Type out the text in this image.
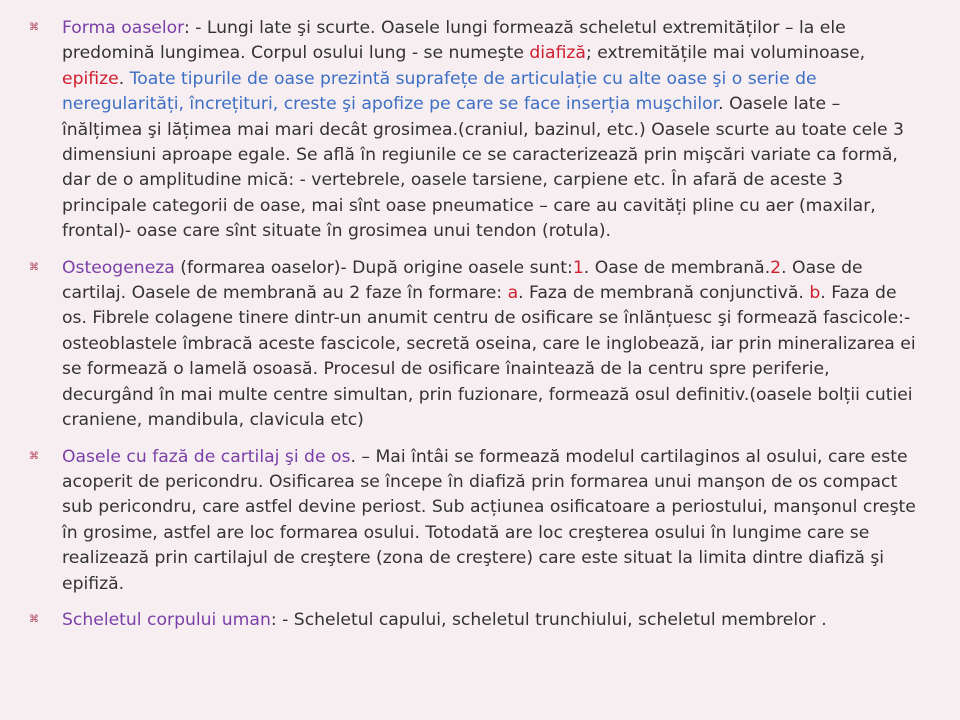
⌘ Forma oaselor: - Lungi late şi scurte. Oasele lungi formează scheletul extremităților – la ele predomină lungimea. Corpul osului lung - se numeşte diafiză; extremitățile mai voluminoase, epifize. Toate tipurile de oase prezintă suprafețe de articulație cu alte oase şi o serie de neregularități, încrețituri, creste şi apofize pe care se face inserția muşchilor. Oasele late – înălțimea şi lățimea mai mari decât grosimea.(craniul, bazinul, etc.) Oasele scurte au toate cele 3 dimensiuni aproape egale. Se află în regiunile ce se caracterizează prin mişcări variate ca formă, dar de o amplitudine mică: - vertebrele, oasele tarsiene, carpiene etc. În afară de aceste 3 principale categorii de oase, mai sînt oase pneumatice – care au cavități pline cu aer (maxilar, frontal)- oase care sînt situate în grosimea unui tendon (rotula).
⌘ Osteogeneza (formarea oaselor)- După origine oasele sunt:1. Oase de membrană.2. Oase de cartilaj. Oasele de membrană au 2 faze în formare: a. Faza de membrană conjunctivă. b. Faza de os. Fibrele colagene tinere dintr-un anumit centru de osificare se înlănțuesc şi formează fascicole:- osteoblastele îmbracă aceste fascicole, secretă oseina, care le inglobează, iar prin mineralizarea ei se formează o lamelă osoasă. Procesul de osificare înaintează de la centru spre periferie, decurgând în mai multe centre simultan, prin fuzionare, formează osul definitiv.(oasele bolții cutiei craniene, mandibula, clavicula etc)
⌘ Oasele cu fază de cartilaj şi de os. – Mai întâi se formează modelul cartilaginos al osului, care este acoperit de pericondru. Osificarea se începe în diafiză prin formarea unui manşon de os compact sub pericondru, care astfel devine periost. Sub acțiunea osificatoare a periostului, manşonul creşte în grosime, astfel are loc formarea osului. Totodată are loc creşterea osului în lungime care se realizează prin cartilajul de creştere (zona de creştere) care este situat la limita dintre diafiză şi epifiză.
⌘ Scheletul corpului uman: - Scheletul capului, scheletul trunchiului, scheletul membrelor .
